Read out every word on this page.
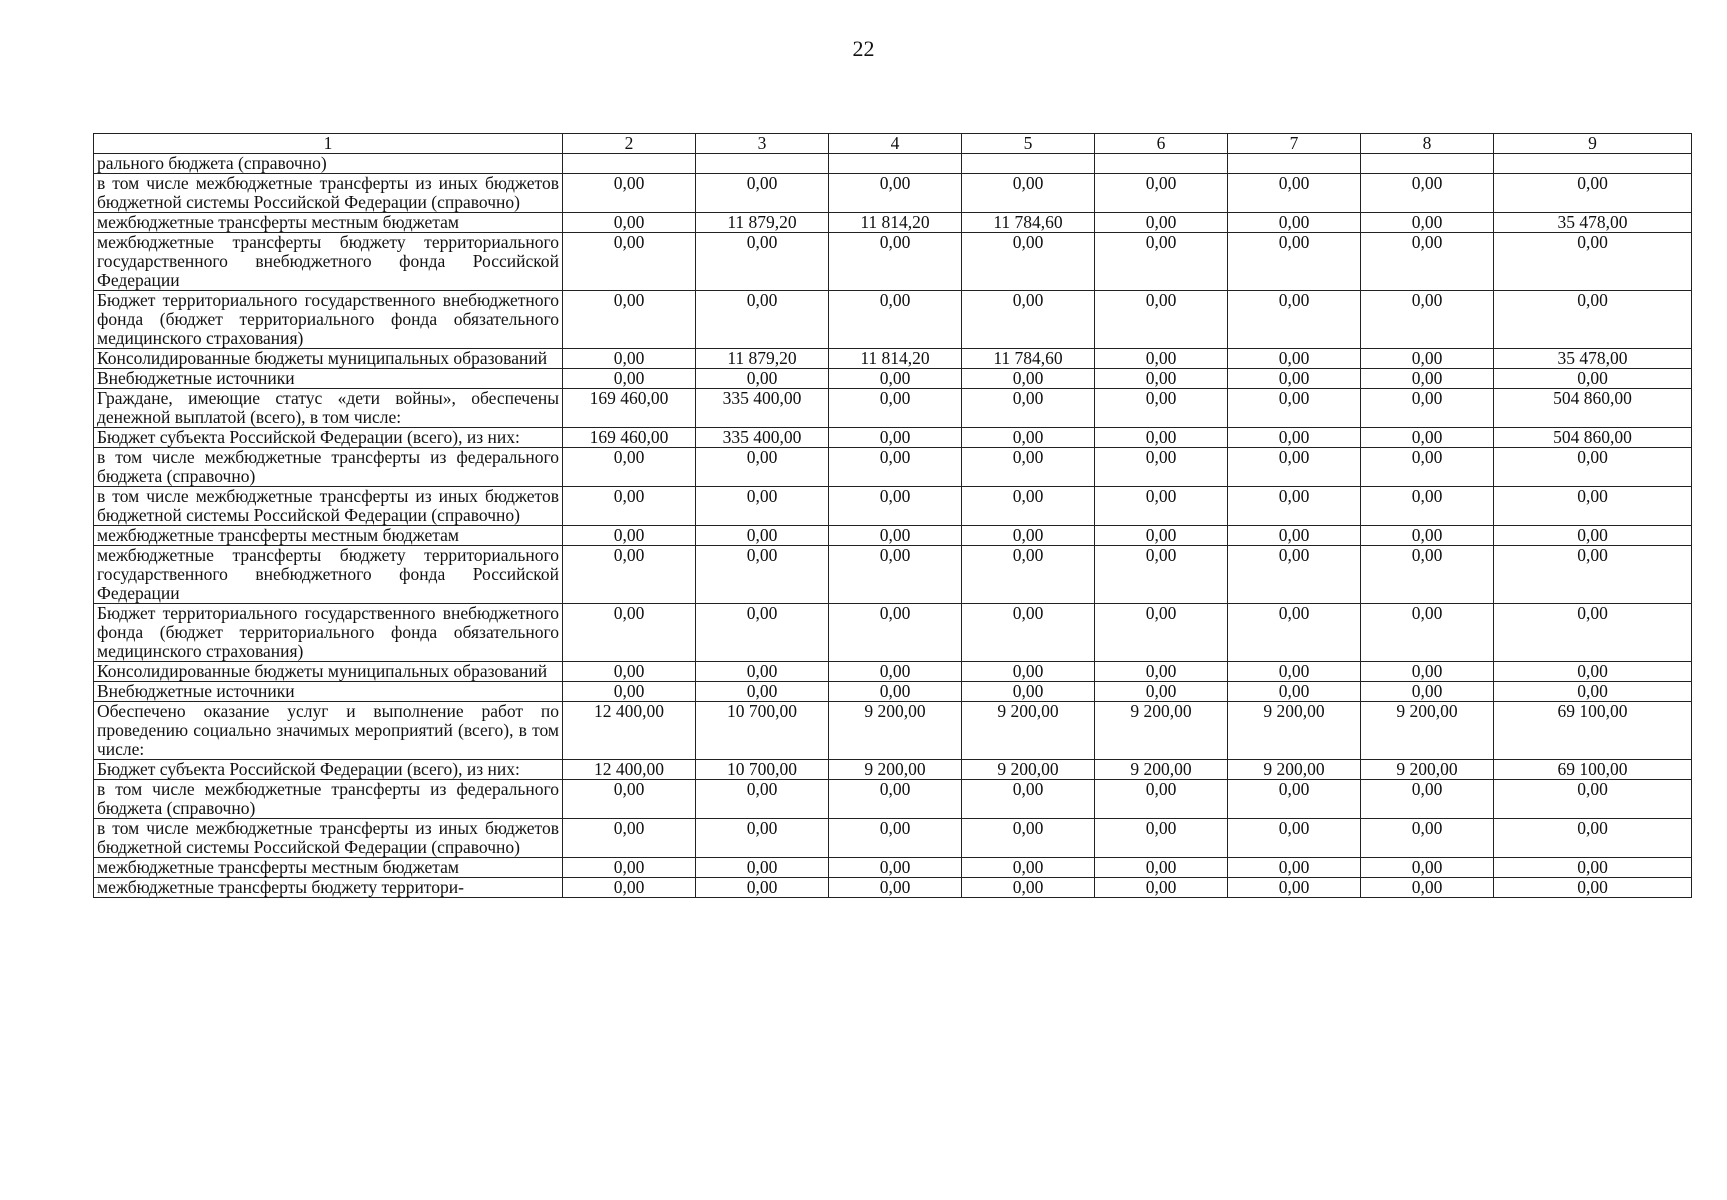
22
1	2	3	4	5	6	7	8	9
рального бюджета (справочно)								
в том числе межбюджетные трансферты из иных бюджетов бюджетной системы Российской Федерации (справочно)	0,00	0,00	0,00	0,00	0,00	0,00	0,00	0,00
межбюджетные трансферты местным бюджетам	0,00	11 879,20	11 814,20	11 784,60	0,00	0,00	0,00	35 478,00
межбюджетные трансферты бюджету территориального государственного внебюджетного фонда Российской Федерации	0,00	0,00	0,00	0,00	0,00	0,00	0,00	0,00
Бюджет территориального государственного внебюджетного фонда (бюджет территориального фонда обязательного медицинского страхования)	0,00	0,00	0,00	0,00	0,00	0,00	0,00	0,00
Консолидированные бюджеты муниципальных образований	0,00	11 879,20	11 814,20	11 784,60	0,00	0,00	0,00	35 478,00
Внебюджетные источники	0,00	0,00	0,00	0,00	0,00	0,00	0,00	0,00
Граждане, имеющие статус «дети войны», обеспечены денежной выплатой (всего), в том числе:	169 460,00	335 400,00	0,00	0,00	0,00	0,00	0,00	504 860,00
Бюджет субъекта Российской Федерации (всего), из них:	169 460,00	335 400,00	0,00	0,00	0,00	0,00	0,00	504 860,00
в том числе межбюджетные трансферты из федерального бюджета (справочно)	0,00	0,00	0,00	0,00	0,00	0,00	0,00	0,00
в том числе межбюджетные трансферты из иных бюджетов бюджетной системы Российской Федерации (справочно)	0,00	0,00	0,00	0,00	0,00	0,00	0,00	0,00
межбюджетные трансферты местным бюджетам	0,00	0,00	0,00	0,00	0,00	0,00	0,00	0,00
межбюджетные трансферты бюджету территориального государственного внебюджетного фонда Российской Федерации	0,00	0,00	0,00	0,00	0,00	0,00	0,00	0,00
Бюджет территориального государственного внебюджетного фонда (бюджет территориального фонда обязательного медицинского страхования)	0,00	0,00	0,00	0,00	0,00	0,00	0,00	0,00
Консолидированные бюджеты муниципальных образований	0,00	0,00	0,00	0,00	0,00	0,00	0,00	0,00
Внебюджетные источники	0,00	0,00	0,00	0,00	0,00	0,00	0,00	0,00
Обеспечено оказание услуг и выполнение работ по проведению социально значимых мероприятий (всего), в том числе:	12 400,00	10 700,00	9 200,00	9 200,00	9 200,00	9 200,00	9 200,00	69 100,00
Бюджет субъекта Российской Федерации (всего), из них:	12 400,00	10 700,00	9 200,00	9 200,00	9 200,00	9 200,00	9 200,00	69 100,00
в том числе межбюджетные трансферты из федерального бюджета (справочно)	0,00	0,00	0,00	0,00	0,00	0,00	0,00	0,00
в том числе межбюджетные трансферты из иных бюджетов бюджетной системы Российской Федерации (справочно)	0,00	0,00	0,00	0,00	0,00	0,00	0,00	0,00
межбюджетные трансферты местным бюджетам	0,00	0,00	0,00	0,00	0,00	0,00	0,00	0,00
межбюджетные трансферты бюджету территори-	0,00	0,00	0,00	0,00	0,00	0,00	0,00	0,00
